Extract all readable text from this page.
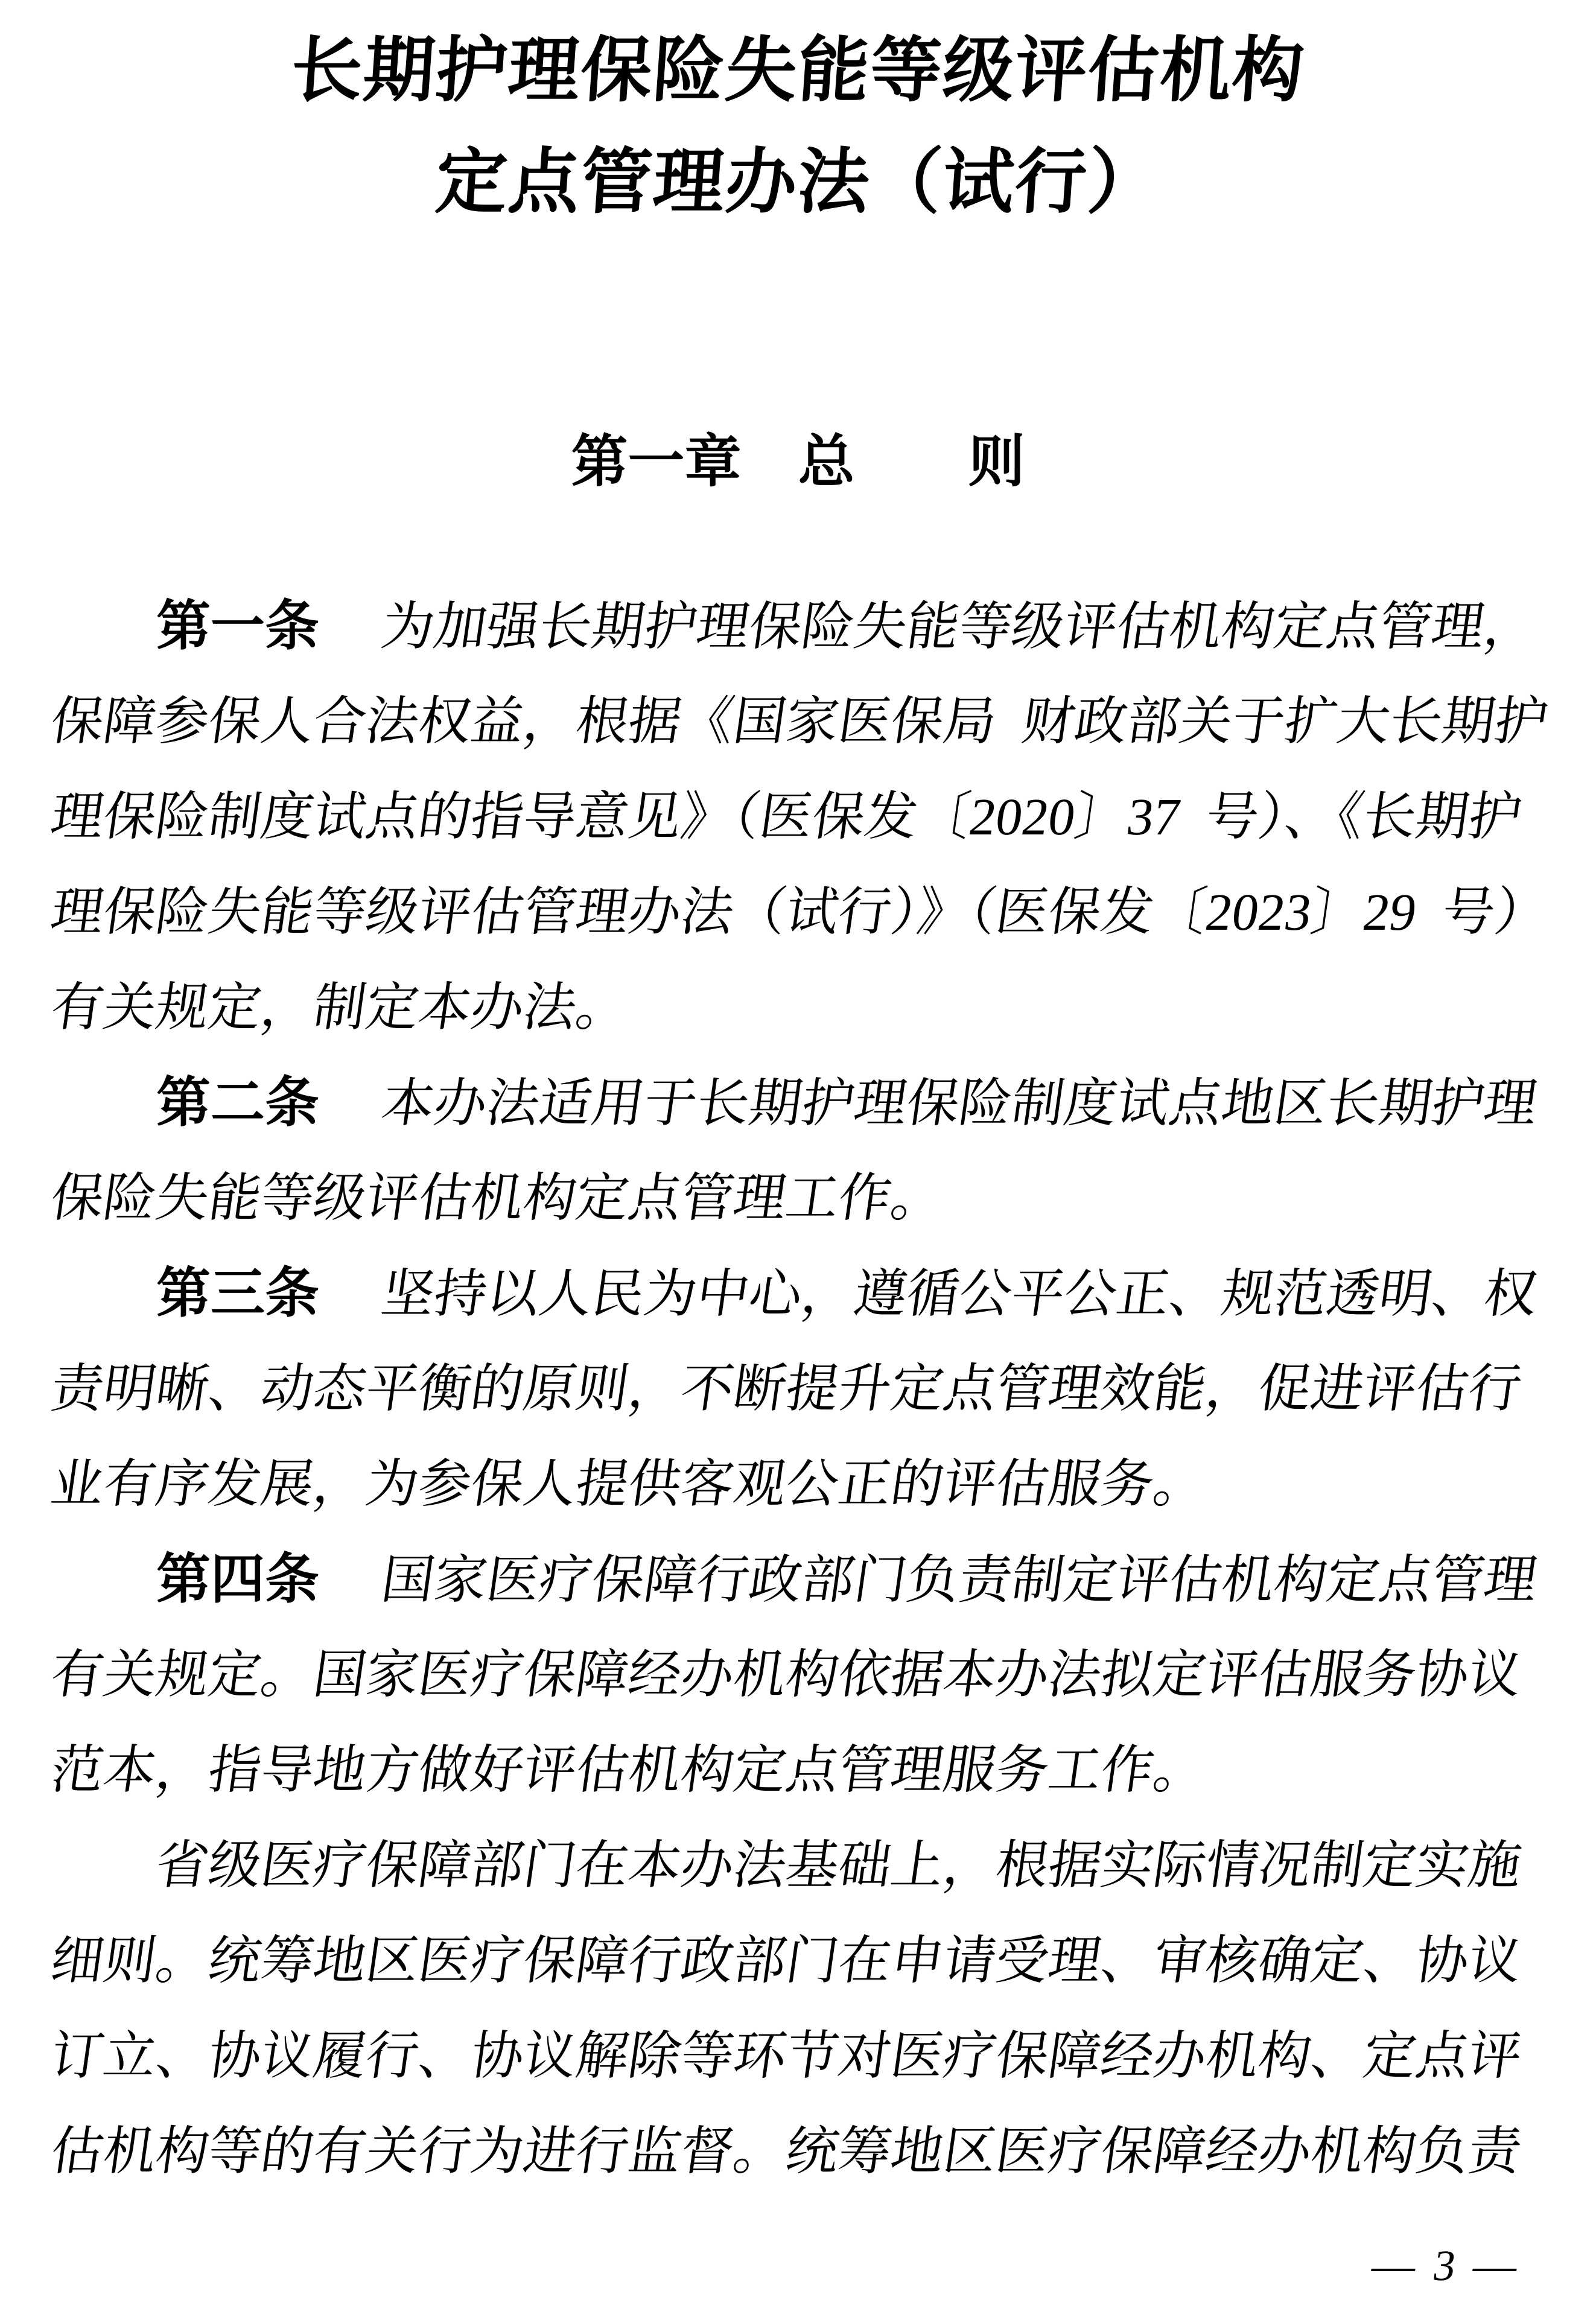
长期护理保险失能等级评估机构
定点管理办法（试行）
第一章　总　　则
第一条 为加强长期护理保险失能等级评估机构定点管理，
保障参保人合法权益，根据《国家医保局 财政部关于扩大长期护
理保险制度试点的指导意见》（医保发〔2020〕37 号）、《长期护
理保险失能等级评估管理办法（试行）》（医保发〔2023〕29 号）
有关规定，制定本办法。
第二条 本办法适用于长期护理保险制度试点地区长期护理
保险失能等级评估机构定点管理工作。
第三条 坚持以人民为中心，遵循公平公正、规范透明、权
责明晰、动态平衡的原则，不断提升定点管理效能，促进评估行
业有序发展，为参保人提供客观公正的评估服务。
第四条 国家医疗保障行政部门负责制定评估机构定点管理
有关规定。国家医疗保障经办机构依据本办法拟定评估服务协议
范本，指导地方做好评估机构定点管理服务工作。
省级医疗保障部门在本办法基础上，根据实际情况制定实施
细则。统筹地区医疗保障行政部门在申请受理、审核确定、协议
订立、协议履行、协议解除等环节对医疗保障经办机构、定点评
估机构等的有关行为进行监督。统筹地区医疗保障经办机构负责
— 3 —
